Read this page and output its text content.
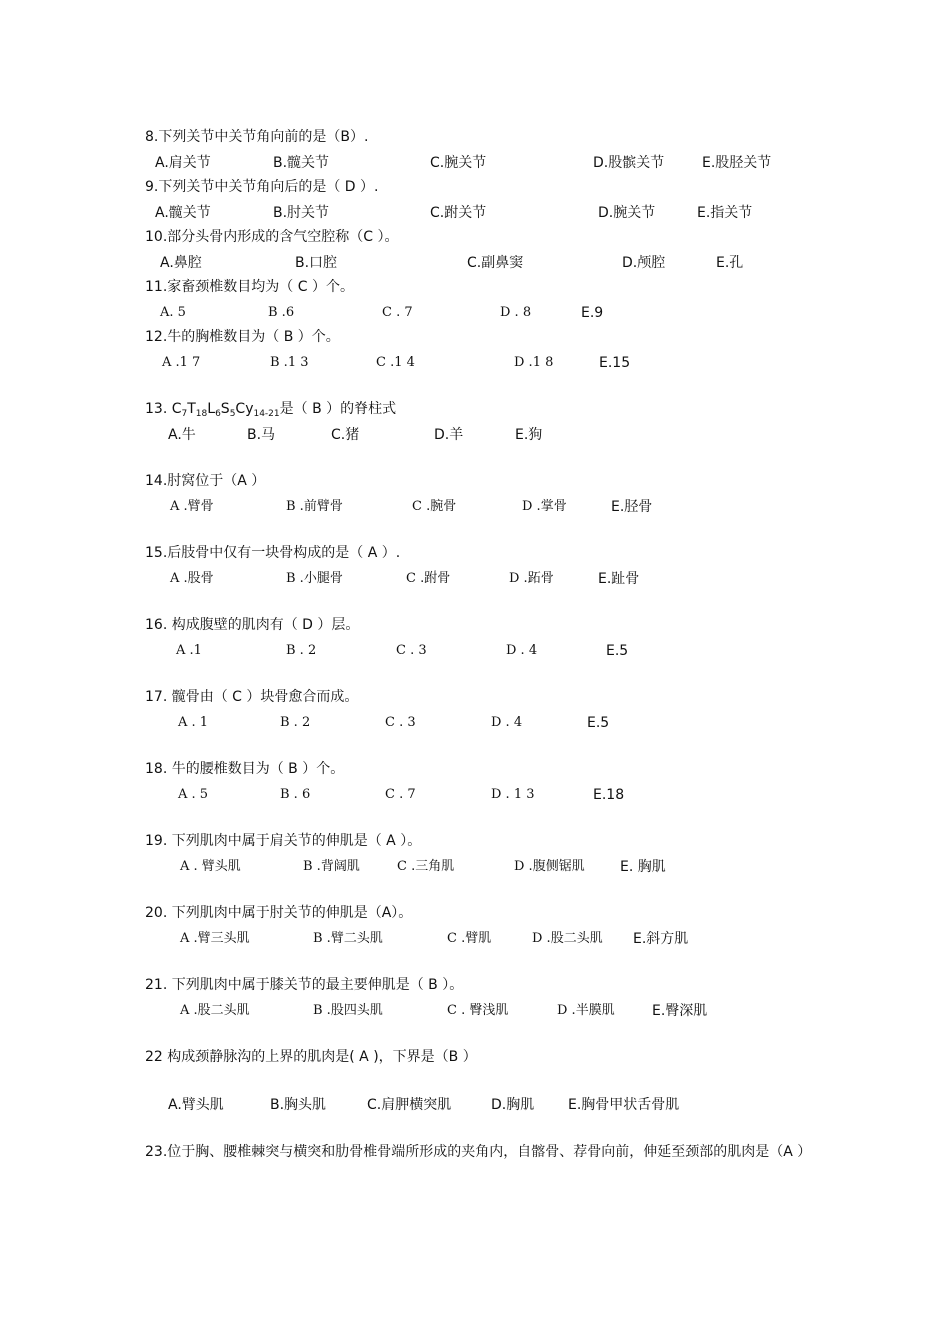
8.下列关节中关节角向前的是（B）.
A.肩关节	B.髋关节	C.腕关节	D.股髌关节	E.股胫关节
9.下列关节中关节角向后的是（ D ）.
A.髋关节	B.肘关节	C.跗关节	D.腕关节	E.指关节
10.部分头骨内形成的含气空腔称（C ）。
A.鼻腔	B.口腔	C.副鼻窦	D.颅腔	E.孔
11.家畜颈椎数目均为（ C ）个。
A. 5	B .6	C . 7	D . 8	E.9
12.牛的胸椎数目为（ B ）个。
A .1 7	B .1 3	C .1 4	D .1 8	E.15
13. $C_7T_{18}L_6S_5Cy_{14-21}$是（ B ）的脊柱式
A.牛	B.马	C.猪	D.羊	E.狗
14.肘窝位于（A ）
A .臂骨	B .前臂骨	C .腕骨	D .掌骨	E.胫骨
15.后肢骨中仅有一块骨构成的是（ A ）.
A .股骨	B .小腿骨	C .跗骨	D .跖骨	E.趾骨
16. 构成腹壁的肌肉有（ D ）层。
A .1	B . 2	C . 3	D . 4	E.5
17. 髋骨由（ C ）块骨愈合而成。
A . 1	B . 2	C . 3	D . 4	E.5
18. 牛的腰椎数目为（ B ）个。
A . 5	B . 6	C . 7	D . 1 3	E.18
19. 下列肌肉中属于肩关节的伸肌是（ A ）。
A . 臂头肌	B .背阔肌	C .三角肌	D .腹侧锯肌	E. 胸肌
20. 下列肌肉中属于肘关节的伸肌是（A）。
A .臂三头肌	B .臂二头肌	C .臂肌	D .股二头肌 E.斜方肌
21. 下列肌肉中属于膝关节的最主要伸肌是（ B ）。
A .股二头肌	B .股四头肌	C . 臀浅肌	D .半膜肌	E.臀深肌
22 构成颈静脉沟的上界的肌肉是( A )，下界是（B ）
A.臂头肌	B.胸头肌	C.肩胛横突肌	D.胸肌 E.胸骨甲状舌骨肌
23.位于胸、腰椎棘突与横突和肋骨椎骨端所形成的夹角内，自髂骨、荐骨向前，伸延至颈部的肌肉是（A ）
